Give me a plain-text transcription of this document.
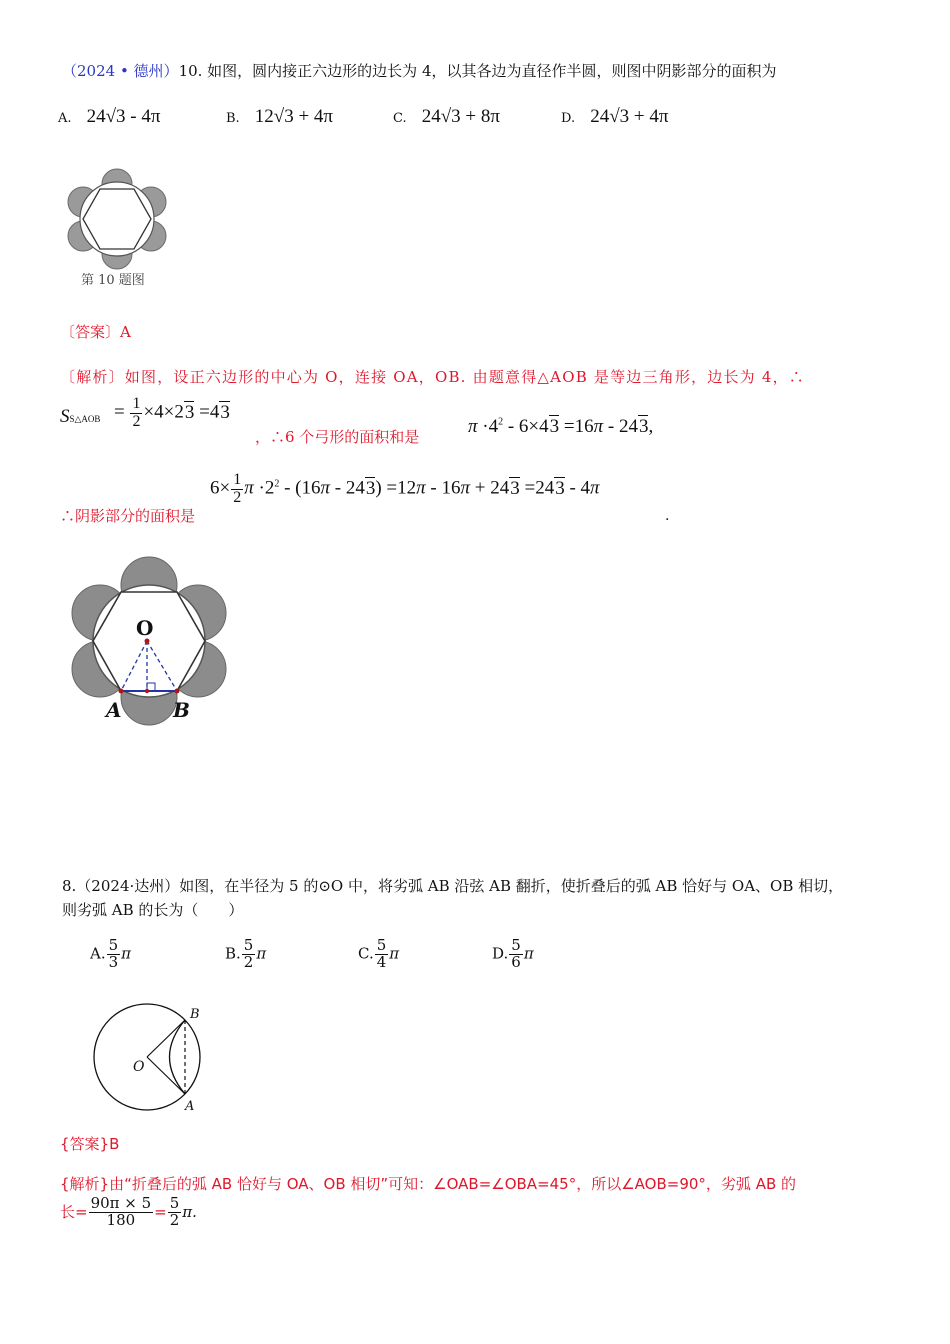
（2024 • 德州）10. 如图，圆内接正六边形的边长为 4，以其各边为直径作半圆，则图中阴影部分的面积为
A. 24√3 - 4π	B. 12√3 + 4π	C. 24√3 + 8π	D. 24√3 + 4π
第 10 题图
〔答案〕A
〔解析〕如图，设正六边形的中心为 O，连接 OA，OB. 由题意得△AOB 是等边三角形，边长为 4，∴
SS△AOB = $\frac{1}{2} \times 4\times 23 =43$
，∴6 个弓形的面积和是	$\pi \cdot 4^2 - 6\times 43 =16\pi - 243$,
$6\times \frac{1}{2}$ $\pi \cdot 2^2 - (16\pi - 243) =12\pi - 16\pi + 243 =243 - 4\pi$
∴阴影部分的面积是	.
O
A	B
8.（2024·达州）如图，在半径为 5 的⊙O 中，将劣弧 AB 沿弦 AB 翻折，使折叠后的弧 AB 恰好与 OA、OB 相切，
则劣弧 AB 的长为（　　）
A. $\frac{5}{3}$ π	B. $\frac{5}{2}$ π	C. $\frac{5}{4}$ π	D. $\frac{5}{6}$ π
O
B
A
{答案}B
{解析}由“折叠后的弧 AB 恰好与 OA、OB 相切”可知：∠OAB=∠OBA=45°，所以∠AOB=90°，劣弧 AB 的
长= $\frac{90\pi \times 5}{180} = \frac{5}{2} \pi$.
